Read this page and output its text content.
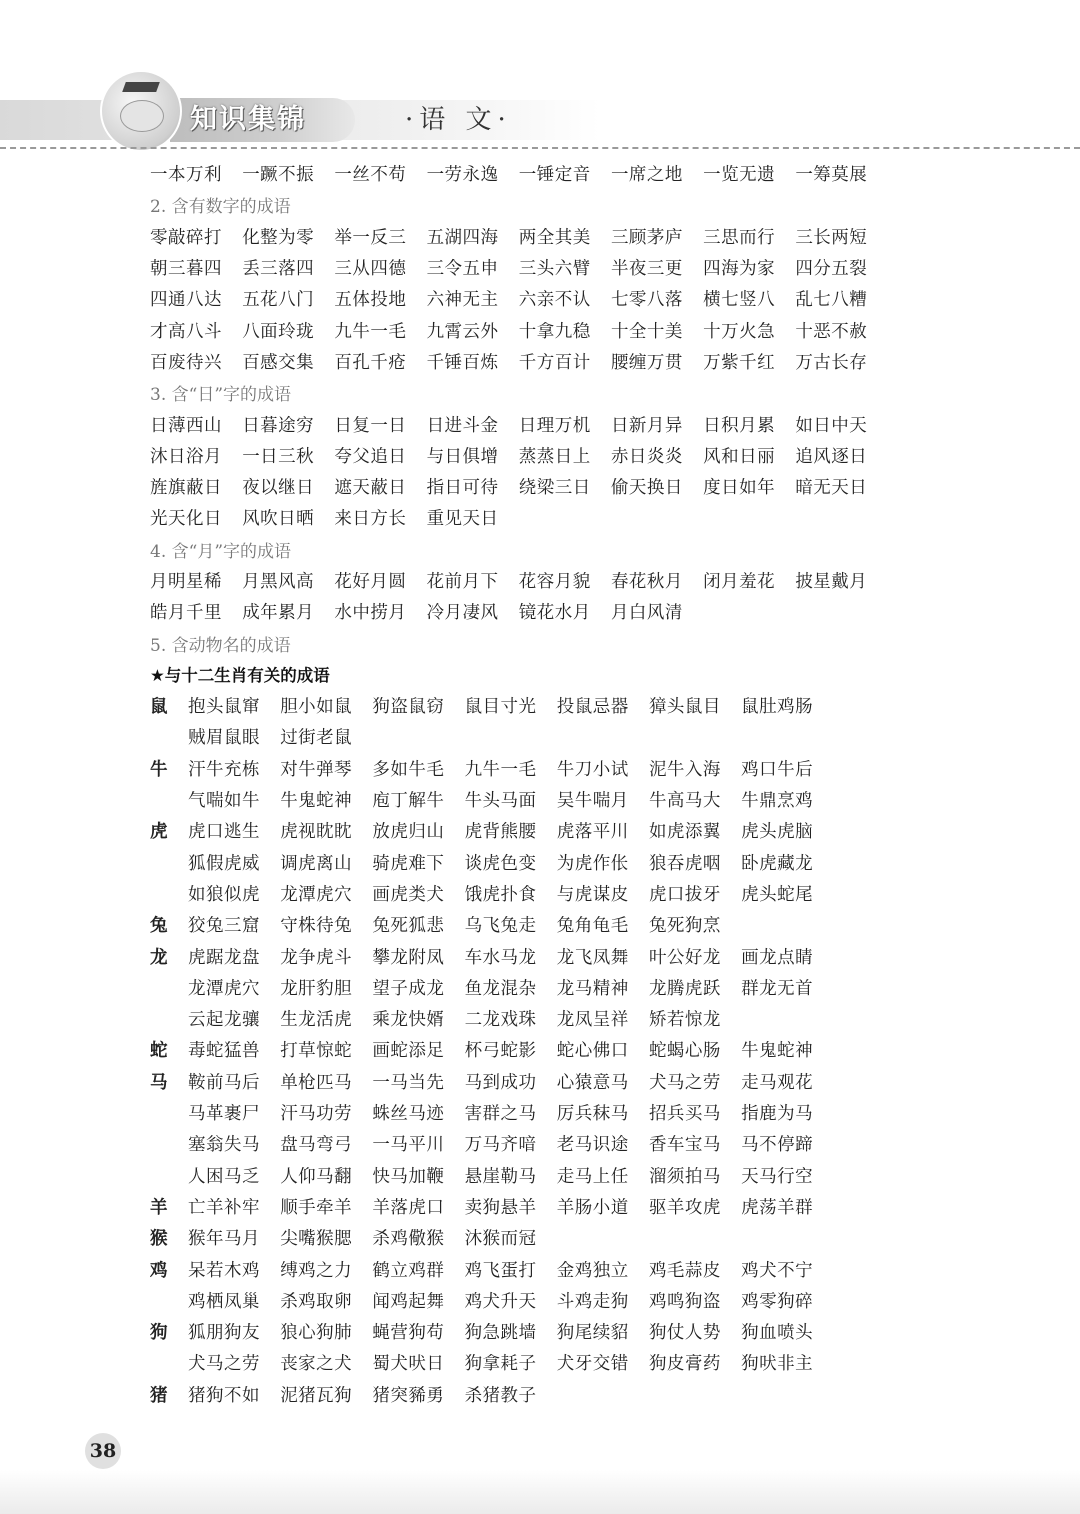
知识集锦	·语 文·
一本万利	一蹶不振	一丝不苟	一劳永逸	一锤定音	一席之地	一览无遗	一筹莫展
2. 含有数字的成语
零敲碎打	化整为零	举一反三	五湖四海	两全其美	三顾茅庐	三思而行	三长两短
朝三暮四	丢三落四	三从四德	三令五申	三头六臂	半夜三更	四海为家	四分五裂
四通八达	五花八门	五体投地	六神无主	六亲不认	七零八落	横七竖八	乱七八糟
才高八斗	八面玲珑	九牛一毛	九霄云外	十拿九稳	十全十美	十万火急	十恶不赦
百废待兴	百感交集	百孔千疮	千锤百炼	千方百计	腰缠万贯	万紫千红	万古长存
3. 含“日”字的成语
日薄西山	日暮途穷	日复一日	日进斗金	日理万机	日新月异	日积月累	如日中天
沐日浴月	一日三秋	夸父追日	与日俱增	蒸蒸日上	赤日炎炎	风和日丽	追风逐日
旌旗蔽日	夜以继日	遮天蔽日	指日可待	绕梁三日	偷天换日	度日如年	暗无天日
光天化日	风吹日晒	来日方长	重见天日
4. 含“月”字的成语
月明星稀	月黑风高	花好月圆	花前月下	花容月貌	春花秋月	闭月羞花	披星戴月
皓月千里	成年累月	水中捞月	冷月凄风	镜花水月	月白风清
5. 含动物名的成语
★与十二生肖有关的成语
鼠	抱头鼠窜	胆小如鼠	狗盗鼠窃	鼠目寸光	投鼠忌器	獐头鼠目	鼠肚鸡肠
贼眉鼠眼	过街老鼠
牛	汗牛充栋	对牛弹琴	多如牛毛	九牛一毛	牛刀小试	泥牛入海	鸡口牛后
气喘如牛	牛鬼蛇神	庖丁解牛	牛头马面	吴牛喘月	牛高马大	牛鼎烹鸡
虎	虎口逃生	虎视眈眈	放虎归山	虎背熊腰	虎落平川	如虎添翼	虎头虎脑
狐假虎威	调虎离山	骑虎难下	谈虎色变	为虎作伥	狼吞虎咽	卧虎藏龙
如狼似虎	龙潭虎穴	画虎类犬	饿虎扑食	与虎谋皮	虎口拔牙	虎头蛇尾
兔	狡兔三窟	守株待兔	兔死狐悲	乌飞兔走	兔角龟毛	兔死狗烹
龙	虎踞龙盘	龙争虎斗	攀龙附凤	车水马龙	龙飞凤舞	叶公好龙	画龙点睛
龙潭虎穴	龙肝豹胆	望子成龙	鱼龙混杂	龙马精神	龙腾虎跃	群龙无首
云起龙骧	生龙活虎	乘龙快婿	二龙戏珠	龙凤呈祥	矫若惊龙
蛇	毒蛇猛兽	打草惊蛇	画蛇添足	杯弓蛇影	蛇心佛口	蛇蝎心肠	牛鬼蛇神
马	鞍前马后	单枪匹马	一马当先	马到成功	心猿意马	犬马之劳	走马观花
马革裹尸	汗马功劳	蛛丝马迹	害群之马	厉兵秣马	招兵买马	指鹿为马
塞翁失马	盘马弯弓	一马平川	万马齐喑	老马识途	香车宝马	马不停蹄
人困马乏	人仰马翻	快马加鞭	悬崖勒马	走马上任	溜须拍马	天马行空
羊	亡羊补牢	顺手牵羊	羊落虎口	卖狗悬羊	羊肠小道	驱羊攻虎	虎荡羊群
猴	猴年马月	尖嘴猴腮	杀鸡儆猴	沐猴而冠
鸡	呆若木鸡	缚鸡之力	鹤立鸡群	鸡飞蛋打	金鸡独立	鸡毛蒜皮	鸡犬不宁
鸡栖凤巢	杀鸡取卵	闻鸡起舞	鸡犬升天	斗鸡走狗	鸡鸣狗盗	鸡零狗碎
狗	狐朋狗友	狼心狗肺	蝇营狗苟	狗急跳墙	狗尾续貂	狗仗人势	狗血喷头
犬马之劳	丧家之犬	蜀犬吠日	狗拿耗子	犬牙交错	狗皮膏药	狗吠非主
猪	猪狗不如	泥猪瓦狗	猪突豨勇	杀猪教子
38
